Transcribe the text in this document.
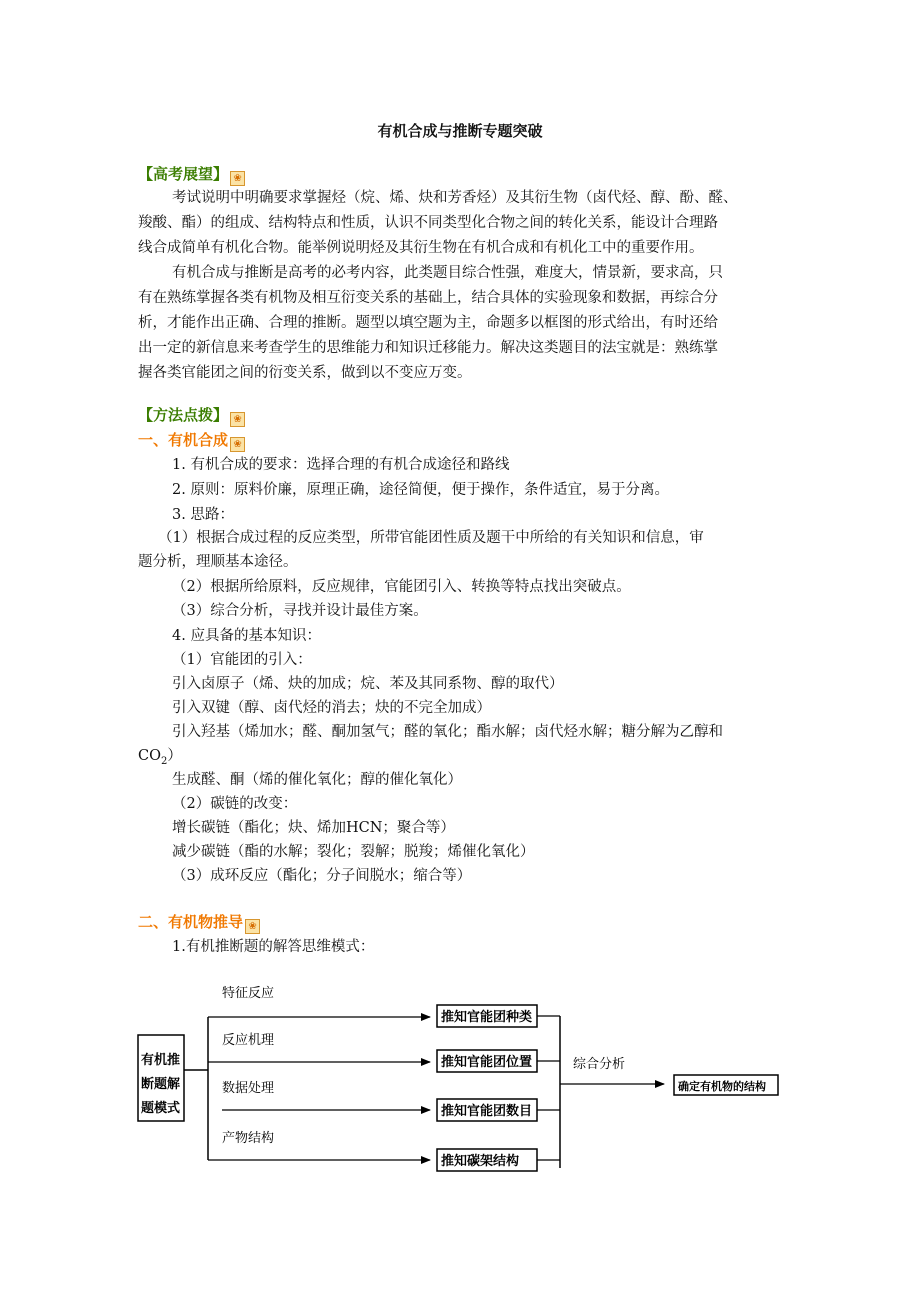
有机合成与推断专题突破
【高考展望】 ❀
考试说明中明确要求掌握烃（烷、烯、炔和芳香烃）及其衍生物（卤代烃、醇、酚、醛、
羧酸、酯）的组成、结构特点和性质，认识不同类型化合物之间的转化关系，能设计合理路
线合成简单有机化合物。能举例说明烃及其衍生物在有机合成和有机化工中的重要作用。
有机合成与推断是高考的必考内容，此类题目综合性强，难度大，情景新，要求高，只
有在熟练掌握各类有机物及相互衍变关系的基础上，结合具体的实验现象和数据，再综合分
析，才能作出正确、合理的推断。题型以填空题为主，命题多以框图的形式给出，有时还给
出一定的新信息来考查学生的思维能力和知识迁移能力。解决这类题目的法宝就是：熟练掌
握各类官能团之间的衍变关系，做到以不变应万变。
【方法点拨】 ❀
一、有机合成 ❀
1. 有机合成的要求：选择合理的有机合成途径和路线
2. 原则：原料价廉，原理正确，途径简便，便于操作，条件适宜，易于分离。
3. 思路：
（1）根据合成过程的反应类型，所带官能团性质及题干中所给的有关知识和信息，审
题分析，理顺基本途径。
（2）根据所给原料，反应规律，官能团引入、转换等特点找出突破点。
（3）综合分析，寻找并设计最佳方案。
4. 应具备的基本知识：
（1）官能团的引入：
引入卤原子（烯、炔的加成；烷、苯及其同系物、醇的取代）
引入双键（醇、卤代烃的消去；炔的不完全加成）
引入羟基（烯加水；醛、酮加氢气；醛的氧化；酯水解；卤代烃水解；糖分解为乙醇和
$CO_2$）
生成醛、酮（烯的催化氧化；醇的催化氧化）
（2）碳链的改变：
增长碳链（酯化；炔、烯加HCN；聚合等）
减少碳链（酯的水解；裂化；裂解；脱羧；烯催化氧化）
（3）成环反应（酯化；分子间脱水；缩合等）
二、有机物推导 ❀
1.有机推断题的解答思维模式：
有机推
断题解
题模式
特征反应
反应机理
数据处理
产物结构
推知官能团种类
推知官能团位置
推知官能团数目
推知碳架结构
综合分析
确定有机物的结构
